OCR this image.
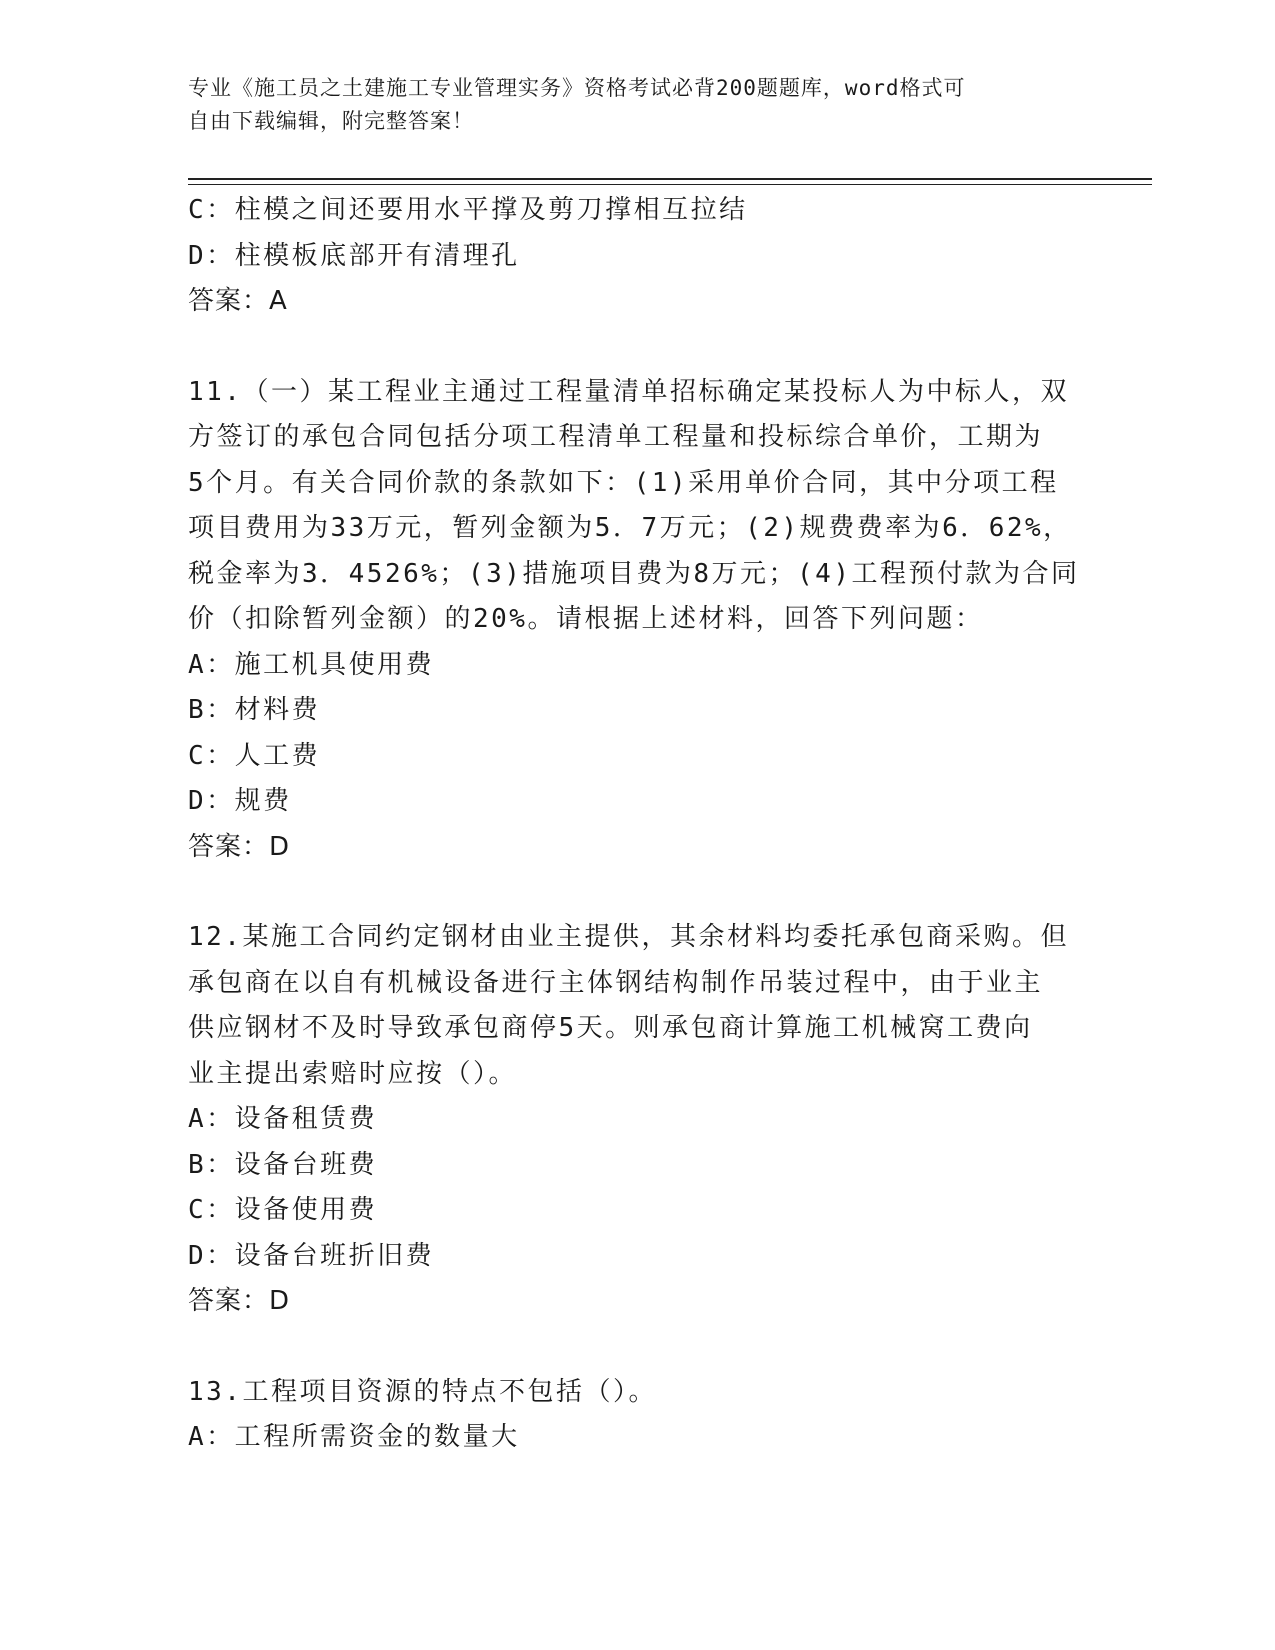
专业《施工员之土建施工专业管理实务》资格考试必背200题题库，word格式可
自由下载编辑，附完整答案！
C：柱模之间还要用水平撑及剪刀撑相互拉结
D：柱模板底部开有清理孔
答案：A
11.（一）某工程业主通过工程量清单招标确定某投标人为中标人，双
方签订的承包合同包括分项工程清单工程量和投标综合单价，工期为
5个月。有关合同价款的条款如下：(1)采用单价合同，其中分项工程
项目费用为33万元，暂列金额为5．7万元；(2)规费费率为6．62%，
税金率为3．4526%；(3)措施项目费为8万元；(4)工程预付款为合同
价（扣除暂列金额）的20%。请根据上述材料，回答下列问题：
A：施工机具使用费
B：材料费
C：人工费
D：规费
答案：D
12.某施工合同约定钢材由业主提供，其余材料均委托承包商采购。但
承包商在以自有机械设备进行主体钢结构制作吊装过程中，由于业主
供应钢材不及时导致承包商停5天。则承包商计算施工机械窝工费向
业主提出索赔时应按（）。
A：设备租赁费
B：设备台班费
C：设备使用费
D：设备台班折旧费
答案：D
13.工程项目资源的特点不包括（）。
A：工程所需资金的数量大
